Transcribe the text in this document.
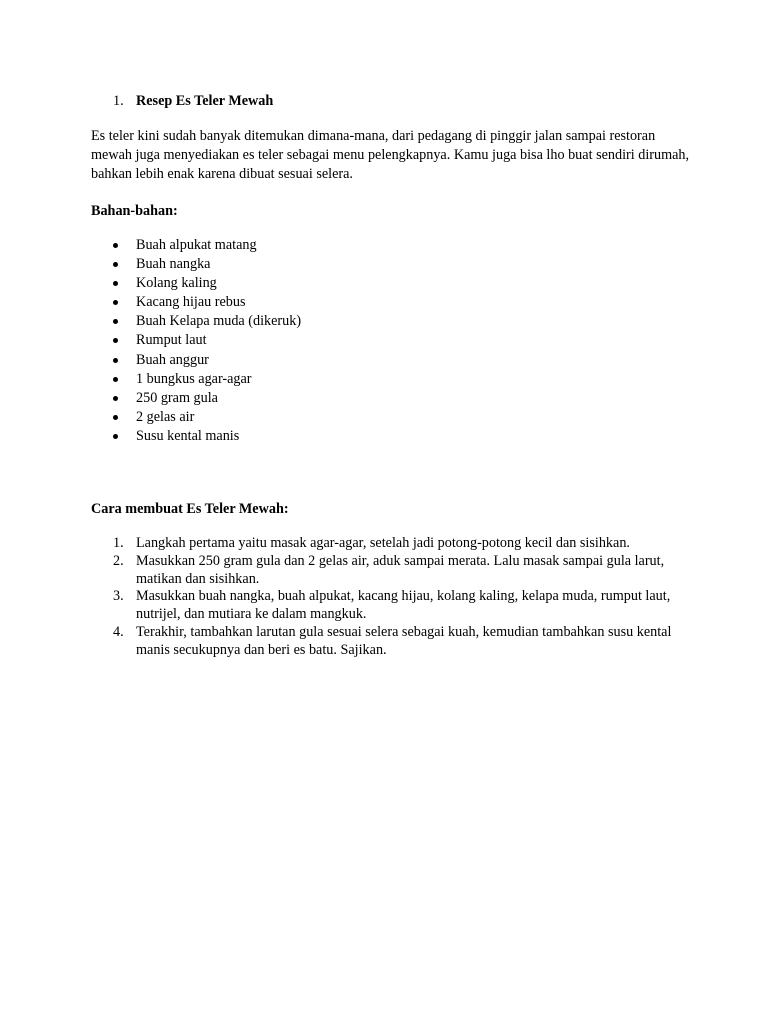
1. Resep Es Teler Mewah

Es teler kini sudah banyak ditemukan dimana-mana, dari pedagang di pinggir jalan sampai restoran mewah juga menyediakan es teler sebagai menu pelengkapnya. Kamu juga bisa lho buat sendiri dirumah, bahkan lebih enak karena dibuat sesuai selera.

Bahan-bahan:

Buah alpukat matang
Buah nangka
Kolang kaling
Kacang hijau rebus
Buah Kelapa muda (dikeruk)
Rumput laut
Buah anggur
1 bungkus agar-agar
250 gram gula
2 gelas air
Susu kental manis

Cara membuat Es Teler Mewah:

1. Langkah pertama yaitu masak agar-agar, setelah jadi potong-potong kecil dan sisihkan.
2. Masukkan 250 gram gula dan 2 gelas air, aduk sampai merata. Lalu masak sampai gula larut, matikan dan sisihkan.
3. Masukkan buah nangka, buah alpukat, kacang hijau, kolang kaling, kelapa muda, rumput laut, nutrijel, dan mutiara ke dalam mangkuk.
4. Terakhir, tambahkan larutan gula sesuai selera sebagai kuah, kemudian tambahkan susu kental manis secukupnya dan beri es batu. Sajikan.
